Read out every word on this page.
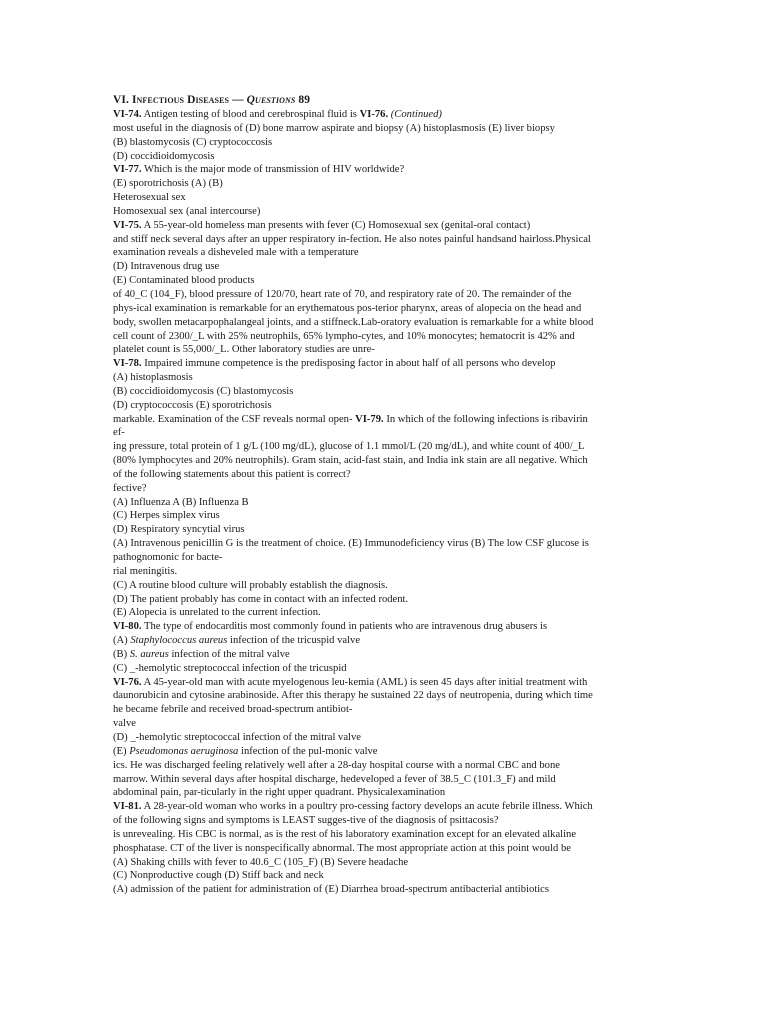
VI. Infectious Diseases — Questions 89
VI-74. Antigen testing of blood and cerebrospinal fluid is VI-76. (Continued)
most useful in the diagnosis of (D) bone marrow aspirate and biopsy (A) histoplasmosis (E) liver biopsy
(B) blastomycosis (C) cryptococcosis
(D) coccidioidomycosis
VI-77. Which is the major mode of transmission of HIV worldwide?
(E) sporotrichosis (A) (B)
Heterosexual sex
Homosexual sex (anal intercourse)
VI-75. A 55-year-old homeless man presents with fever (C) Homosexual sex (genital-oral contact)
and stiff neck several days after an upper respiratory in-fection. He also notes painful handsand hairloss.Physical
examination reveals a disheveled male with a temperature
(D) Intravenous drug use
(E) Contaminated blood products
of 40_C (104_F), blood pressure of 120/70, heart rate of 70, and respiratory rate of 20. The remainder of the
phys-ical examination is remarkable for an erythematous pos-terior pharynx, areas of alopecia on the head and
body, swollen metacarpophalangeal joints, and a stiffneck.Lab-oratory evaluation is remarkable for a white blood
cell count of 2300/_L with 25% neutrophils, 65% lympho-cytes, and 10% monocytes; hematocrit is 42% and
platelet count is 55,000/_L. Other laboratory studies are unre-
VI-78. Impaired immune competence is the predisposing factor in about half of all persons who develop
(A) histoplasmosis
(B) coccidioidomycosis (C) blastomycosis
(D) cryptococcosis (E) sporotrichosis
markable. Examination of the CSF reveals normal open- VI-79. In which of the following infections is ribavirin
ef-
ing pressure, total protein of 1 g/L (100 mg/dL), glucose of 1.1 mmol/L (20 mg/dL), and white count of 400/_L
(80% lymphocytes and 20% neutrophils). Gram stain, acid-fast stain, and India ink stain are all negative. Which
of the following statements about this patient is correct?
fective?
(A) Influenza A (B) Influenza B
(C) Herpes simplex virus
(D) Respiratory syncytial virus
(A) Intravenous penicillin G is the treatment of choice. (E) Immunodeficiency virus (B) The low CSF glucose is
pathognomonic for bacte-
rial meningitis.
(C) A routine blood culture will probably establish the diagnosis.
(D) The patient probably has come in contact with an infected rodent.
(E) Alopecia is unrelated to the current infection.
VI-80. The type of endocarditis most commonly found in patients who are intravenous drug abusers is
(A) Staphylococcus aureus infection of the tricuspid valve
(B) S. aureus infection of the mitral valve
(C) _-hemolytic streptococcal infection of the tricuspid
VI-76. A 45-year-old man with acute myelogenous leu-kemia (AML) is seen 45 days after initial treatment with
daunorubicin and cytosine arabinoside. After this therapy he sustained 22 days of neutropenia, during which time
he became febrile and received broad-spectrum antibiot-
valve
(D) _-hemolytic streptococcal infection of the mitral valve
(E) Pseudomonas aeruginosa infection of the pul-monic valve
ics. He was discharged feeling relatively well after a 28-day hospital course with a normal CBC and bone
marrow. Within several days after hospital discharge, hedeveloped a fever of 38.5_C (101.3_F) and mild
abdominal pain, par-ticularly in the right upper quadrant. Physicalexamination
VI-81. A 28-year-old woman who works in a poultry pro-cessing factory develops an acute febrile illness. Which
of the following signs and symptoms is LEAST sugges-tive of the diagnosis of psittacosis?
is unrevealing. His CBC is normal, as is the rest of his laboratory examination except for an elevated alkaline
phosphatase. CT of the liver is nonspecifically abnormal. The most appropriate action at this point would be
(A) Shaking chills with fever to 40.6_C (105_F) (B) Severe headache
(C) Nonproductive cough (D) Stiff back and neck
(A) admission of the patient for administration of (E) Diarrhea broad-spectrum antibacterial antibiotics
